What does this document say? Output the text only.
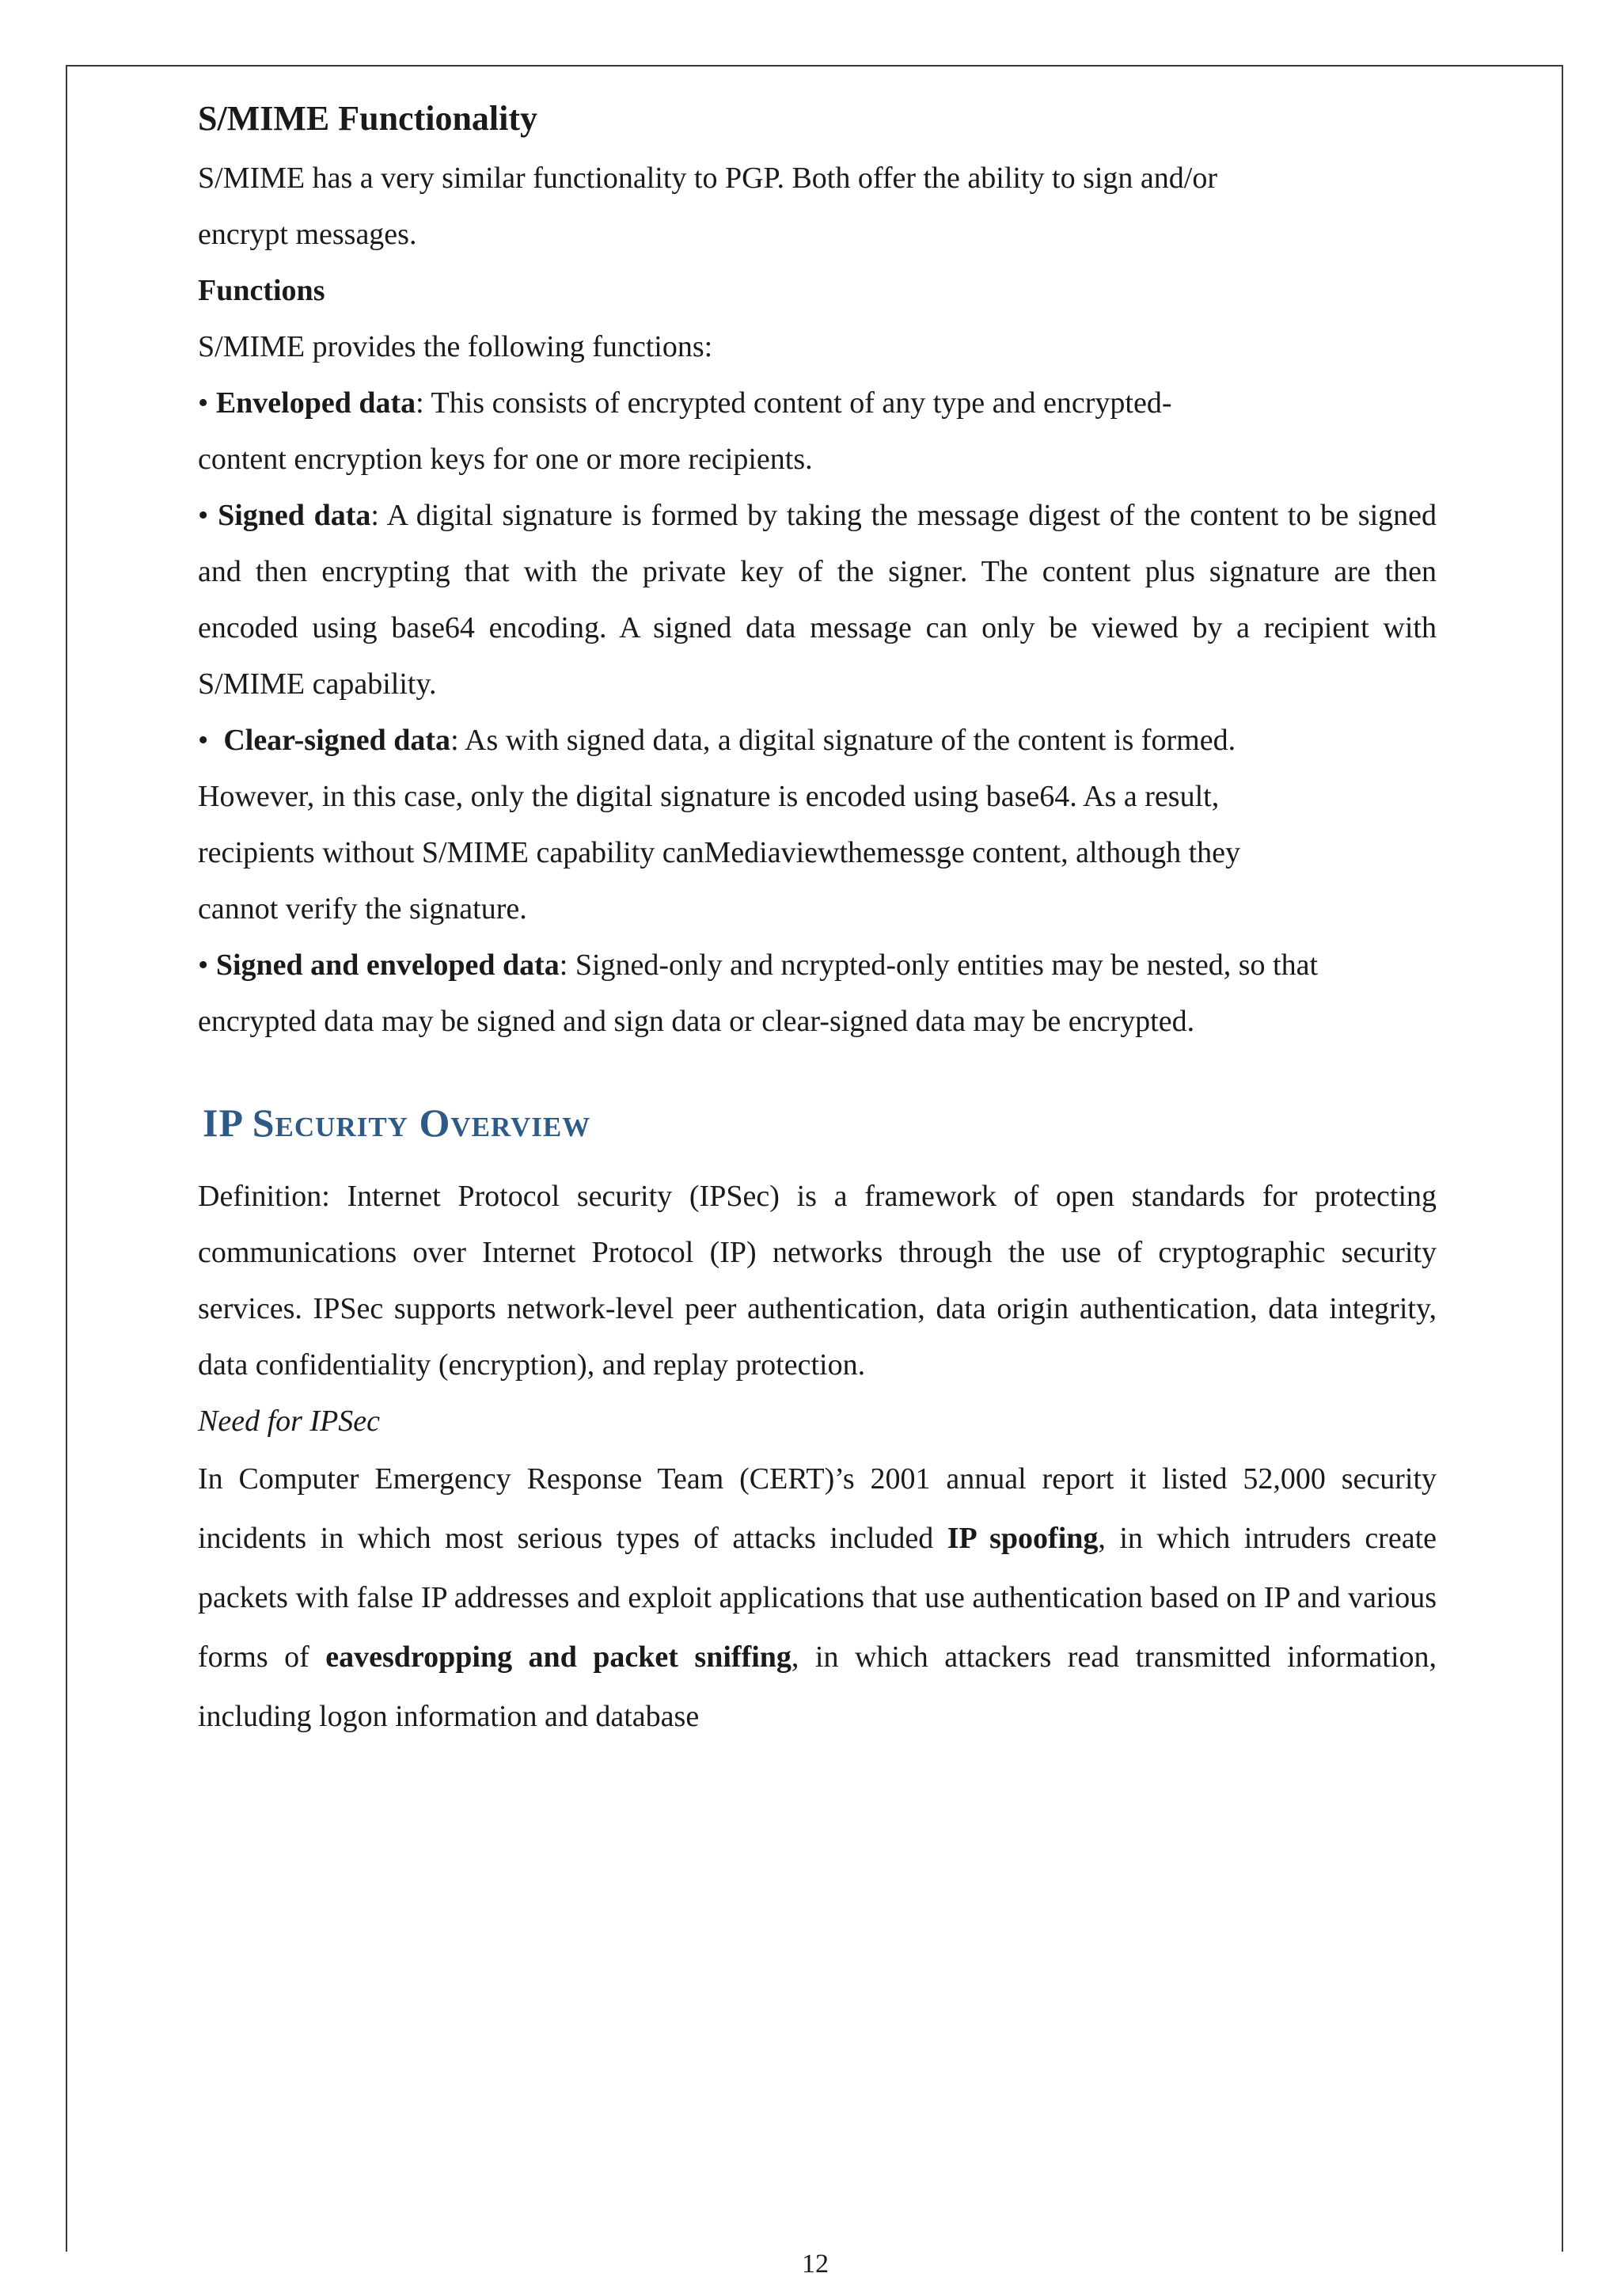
S/MIME Functionality

S/MIME has a very similar functionality to PGP. Both offer the ability to sign and/or

encrypt messages.

Functions

S/MIME provides the following functions:

• Enveloped data: This consists of encrypted content of any type and encrypted-

content encryption keys for one or more recipients.

• Signed data: A digital signature is formed by taking the message digest of the content to be signed and then encrypting that with the private key of the signer. The content plus signature are then encoded using base64 encoding. A signed data message can only be viewed by a recipient with S/MIME capability.

• Clear-signed data: As with signed data, a digital signature of the content is formed.

However, in this case, only the digital signature is encoded using base64. As a result,

recipients without S/MIME capability canMediaviewthemessge content, although they

cannot verify the signature.

• Signed and enveloped data: Signed-only and ncrypted-only entities may be nested, so that

encrypted data may be signed and sign data or clear-signed data may be encrypted.

IP Security Overview

Definition: Internet Protocol security (IPSec) is a framework of open standards for protecting communications over Internet Protocol (IP) networks through the use of cryptographic security services. IPSec supports network-level peer authentication, data origin authentication, data integrity, data confidentiality (encryption), and replay protection.

Need for IPSec

In Computer Emergency Response Team (CERT)’s 2001 annual report it listed 52,000 security incidents in which most serious types of attacks included IP spoofing, in which intruders create packets with false IP addresses and exploit applications that use authentication based on IP and various forms of eavesdropping and packet sniffing, in which attackers read transmitted information, including logon information and database

12
